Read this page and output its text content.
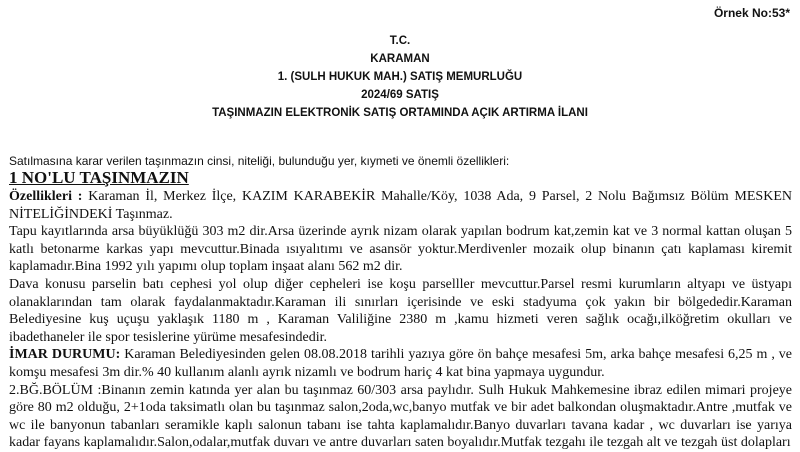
Örnek No:53*
T.C.
KARAMAN
1. (SULH HUKUK MAH.) SATIŞ MEMURLUĞU
2024/69 SATIŞ
TAŞINMAZIN ELEKTRONİK SATIŞ ORTAMINDA AÇIK ARTIRMA İLANI
Satılmasına karar verilen taşınmazın cinsi, niteliği, bulunduğu yer, kıymeti ve önemli özellikleri:
1 NO'LU TAŞINMAZIN

Özellikleri : Karaman İl, Merkez İlçe, KAZIM KARABEKİR Mahalle/Köy, 1038 Ada, 9 Parsel, 2 Nolu Bağımsız Bölüm MESKEN NİTELİĞİNDEKİ Taşınmaz.

Tapu kayıtlarında arsa büyüklüğü 303 m2 dir.Arsa üzerinde ayrık nizam olarak yapılan bodrum kat,zemin kat ve 3 normal kattan oluşan 5 katlı betonarme karkas yapı mevcuttur.Binada ısıyalıtımı ve asansör yoktur.Merdivenler mozaik olup binanın çatı kaplaması kiremit kaplamadır.Bina 1992 yılı yapımı olup toplam inşaat alanı 562 m2 dir.

Dava konusu parselin batı cephesi yol olup diğer cepheleri ise koşu parselller mevcuttur.Parsel resmi kurumların altyapı ve üstyapı olanaklarından tam olarak faydalanmaktadır.Karaman ili sınırları içerisinde ve eski stadyuma çok yakın bir bölgededir.Karaman Belediyesine kuş uçuşu yaklaşık 1180 m , Karaman Valiliğine 2380 m ,kamu hizmeti veren sağlık ocağı,ilköğretim okulları ve ibadethaneler ile spor tesislerine yürüme mesafesindedir.

İMAR DURUMU: Karaman Belediyesinden gelen 08.08.2018 tarihli yazıya göre ön bahçe mesafesi 5m, arka bahçe mesafesi 6,25 m , ve komşu mesafesi 3m dir.% 40 kullanım alanlı ayrık nizamlı ve bodrum hariç 4 kat bina yapmaya uygundur.

2.BĞ.BÖLÜM :Binanın zemin katında yer alan bu taşınmaz 60/303 arsa paylıdır. Sulh Hukuk Mahkemesine ibraz edilen mimari projeye göre 80 m2 olduğu, 2+1oda taksimatlı olan bu taşınmaz salon,2oda,wc,banyo mutfak ve bir adet balkondan oluşmaktadır.Antre ,mutfak ve wc ile banyonun tabanları seramikle kaplı salonun tabanı ise tahta kaplamalıdır.Banyo duvarları tavana kadar , wc duvarları ise yarıya kadar fayans kaplamalıdır.Salon,odalar,mutfak duvarı ve antre duvarları saten boyalıdır.Mutfak tezgahı ile tezgah alt ve tezgah üst dolapları
